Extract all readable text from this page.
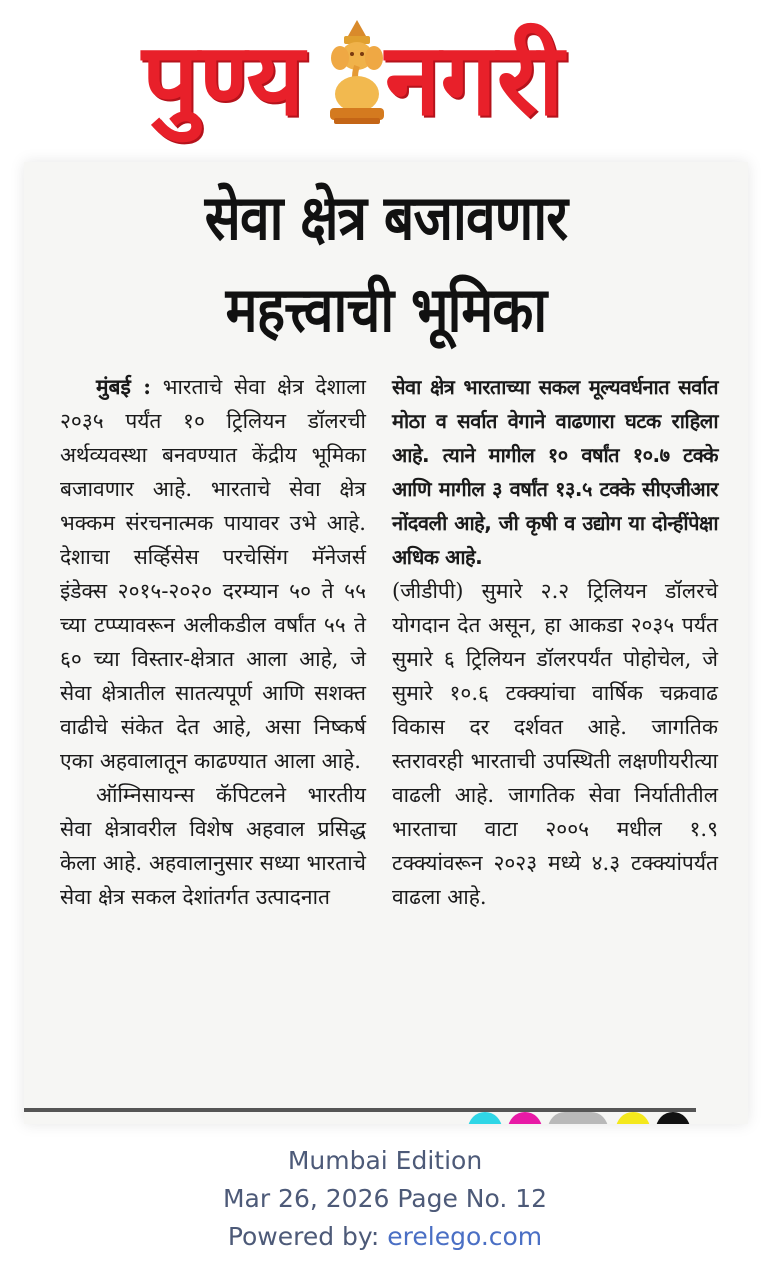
पुण्य नगरी
सेवा क्षेत्र बजावणार
महत्त्वाची भूमिका

मुंबई : भारताचे सेवा क्षेत्र देशाला २०३५ पर्यंत १० ट्रिलियन डॉलरची अर्थव्यवस्था बनवण्यात केंद्रीय भूमिका बजावणार आहे. भारताचे सेवा क्षेत्र भक्कम संरचनात्मक पायावर उभे आहे. देशाचा सर्व्हिसेस परचेसिंग मॅनेजर्स इंडेक्स २०१५-२०२० दरम्यान ५० ते ५५ च्या टप्प्यावरून अलीकडील वर्षांत ५५ ते ६० च्या विस्तार-क्षेत्रात आला आहे, जे सेवा क्षेत्रातील सातत्यपूर्ण आणि सशक्त वाढीचे संकेत देत आहे, असा निष्कर्ष एका अहवालातून काढण्यात आला आहे.

ऑम्निसायन्स कॅपिटलने भारतीय सेवा क्षेत्रावरील विशेष अहवाल प्रसिद्ध केला आहे. अहवालानुसार सध्या भारताचे सेवा क्षेत्र सकल देशांतर्गत उत्पादनात

सेवा क्षेत्र भारताच्या सकल मूल्यवर्धनात सर्वात मोठा व सर्वात वेगाने वाढणारा घटक राहिला आहे. त्याने मागील १० वर्षांत १०.७ टक्के आणि मागील ३ वर्षांत १३.५ टक्के सीएजीआर नोंदवली आहे, जी कृषी व उद्योग या दोन्हींपेक्षा अधिक आहे.

(जीडीपी) सुमारे २.२ ट्रिलियन डॉलरचे योगदान देत असून, हा आकडा २०३५ पर्यंत सुमारे ६ ट्रिलियन डॉलरपर्यंत पोहोचेल, जे सुमारे १०.६ टक्क्यांचा वार्षिक चक्रवाढ विकास दर दर्शवत आहे. जागतिक स्तरावरही भारताची उपस्थिती लक्षणीयरीत्या वाढली आहे. जागतिक सेवा निर्यातीतील भारताचा वाटा २००५ मधील १.९ टक्क्यांवरून २०२३ मध्ये ४.३ टक्क्यांपर्यंत वाढला आहे.

Mumbai Edition
Mar 26, 2026 Page No. 12
Powered by: erelego.com
